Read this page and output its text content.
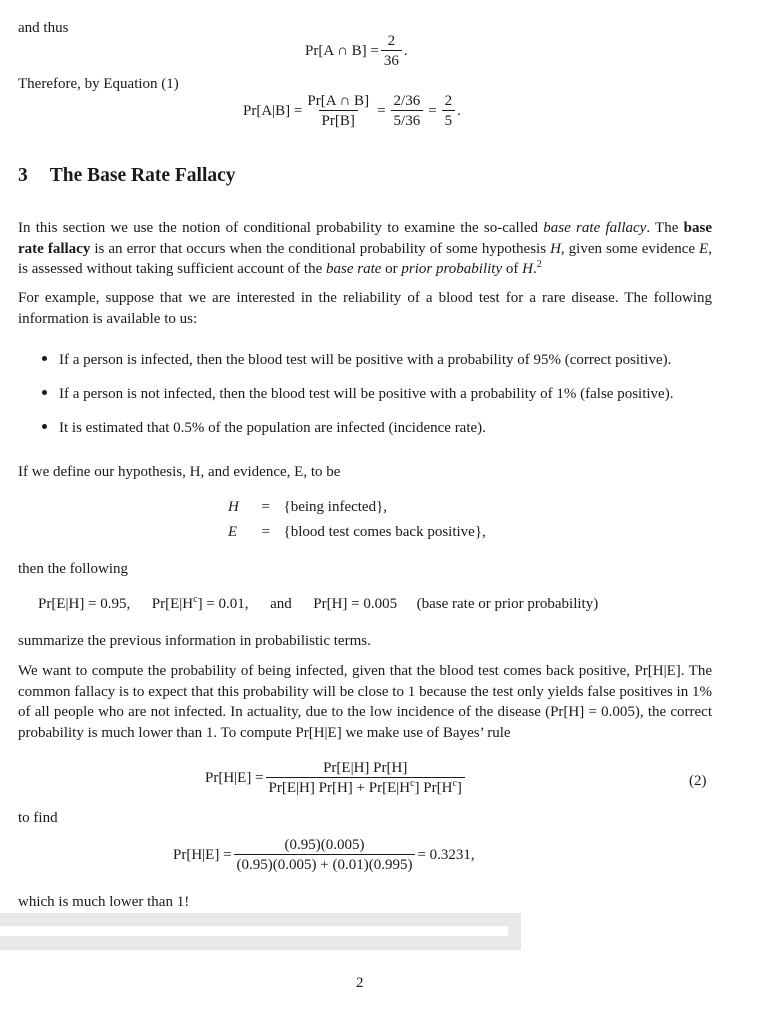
and thus
Pr[A ∩ $B] = \frac{2}{36}$ .
Therefore, by Equation (1)
$Pr[A|B] = \frac{Pr[A \cap B]}{Pr[B]} = \frac{2/36}{5/36} = \frac{2}{5}$ .
3 The Base Rate Fallacy
In this section we use the notion of conditional probability to examine the so-called base rate fallacy. The base rate fallacy is an error that occurs when the conditional probability of some hypothesis H, given some evidence E, is assessed without taking sufficient account of the base rate or prior probability of H.$^2$
For example, suppose that we are interested in the reliability of a blood test for a rare disease. The following information is available to us:
If a person is infected, then the blood test will be positive with a probability of 95% (correct positive).
If a person is not infected, then the blood test will be positive with a probability of 1% (false positive).
It is estimated that 0.5% of the population are infected (incidence rate).
If we define our hypothesis, H, and evidence, E, to be
H = {being infected},
E = {blood test comes back positive},
then the following
Pr[E|H] = 0.95, $Pr[E|H^c] = 0.01$, and Pr[H] = 0.005 (base rate or prior probability)
summarize the previous information in probabilistic terms.
We want to compute the probability of being infected, given that the blood test comes back positive, Pr[H|E]. The common fallacy is to expect that this probability will be close to 1 because the test only yields false positives in 1% of all people who are not infected. In actuality, due to the low incidence of the disease (Pr[H] = 0.005), the correct probability is much lower than 1. To compute Pr[H|E] we make use of Bayes’ rule
$Pr[H|E] = \frac{Pr[E|H] Pr[H]}{Pr[E|H] Pr[H] + Pr[E|H^c] Pr[H^c]}$	(2)
to find
$Pr[H|E] = \frac{(0.95)(0.005)}{(0.95)(0.005) + (0.01)(0.995)} = 0.3231$,
which is much lower than 1!
2
